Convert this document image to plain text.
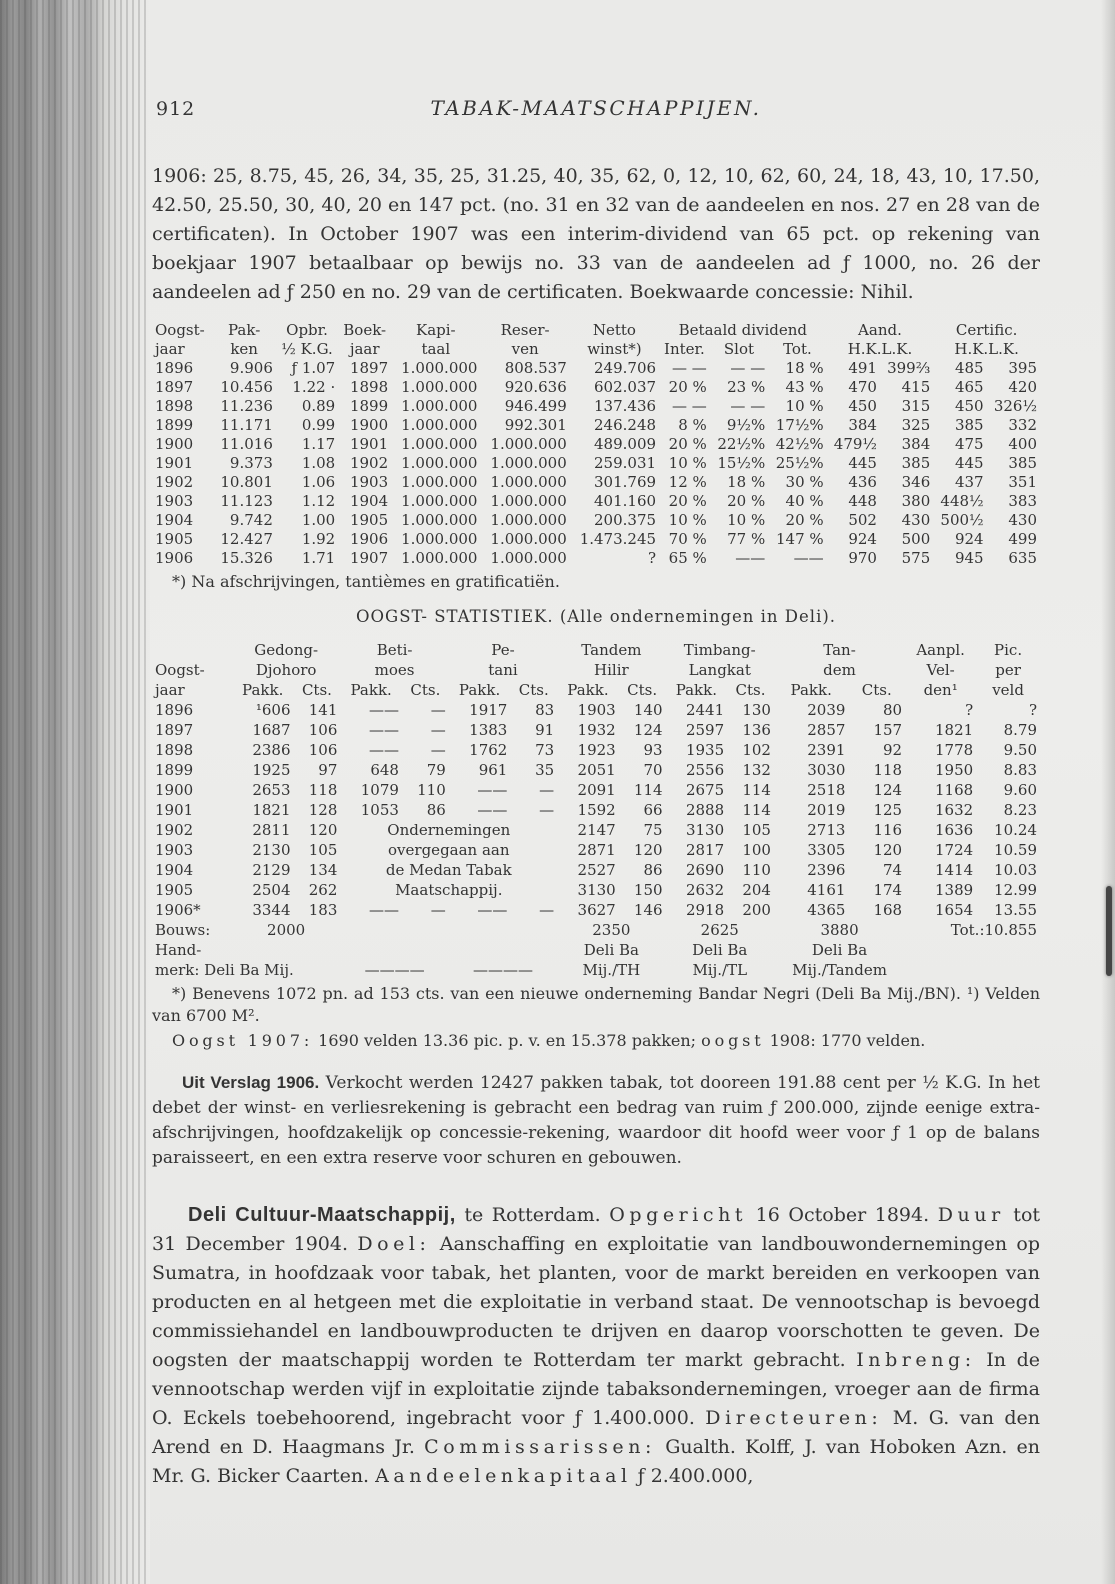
912	TABAK-MAATSCHAPPIJEN.

1906: 25, 8.75, 45, 26, 34, 35, 25, 31.25, 40, 35, 62, 0, 12, 10, 62, 60, 24, 18, 43, 10, 17.50, 42.50, 25.50, 30, 40, 20 en 147 pct. (no. 31 en 32 van de aandeelen en nos. 27 en 28 van de certificaten). In October 1907 was een interim-dividend van 65 pct. op rekening van boekjaar 1907 betaalbaar op bewijs no. 33 van de aandeelen ad ƒ 1000, no. 26 der aandeelen ad ƒ 250 en no. 29 van de certificaten. Boekwaarde concessie: Nihil.

Oogst-	Pak-	Opbr.	Boek-	Kapi-	Reser-	Netto	Betaald dividend			Aand.		Certific.	
jaar	ken	½ K.G.	jaar	taal	ven	winst*)	Inter.	Slot	Tot.	H.K.L.K.		H.K.L.K.	
1896	9.906	ƒ 1.07	1897	1.000.000	808.537	249.706	— —	— —	18 %	491	399⅔	485	395
1897	10.456	1.22 ·	1898	1.000.000	920.636	602.037	20 %	23 %	43 %	470	415	465	420
1898	11.236	0.89	1899	1.000.000	946.499	137.436	— —	— —	10 %	450	315	450	326½
1899	11.171	0.99	1900	1.000.000	992.301	246.248	8 %	9½%	17½%	384	325	385	332
1900	11.016	1.17	1901	1.000.000	1.000.000	489.009	20 %	22½%	42½%	479½	384	475	400
1901	9.373	1.08	1902	1.000.000	1.000.000	259.031	10 %	15½%	25½%	445	385	445	385
1902	10.801	1.06	1903	1.000.000	1.000.000	301.769	12 %	18 %	30 %	436	346	437	351
1903	11.123	1.12	1904	1.000.000	1.000.000	401.160	20 %	20 %	40 %	448	380	448½	383
1904	9.742	1.00	1905	1.000.000	1.000.000	200.375	10 %	10 %	20 %	502	430	500½	430
1905	12.427	1.92	1906	1.000.000	1.000.000	1.473.245	70 %	77 %	147 %	924	500	924	499
1906	15.326	1.71	1907	1.000.000	1.000.000	?	65 %	——	——	970	575	945	635

*) Na afschrijvingen, tantièmes en gratificatiën.

OOGST- STATISTIEK. (Alle ondernemingen in Deli).

	Gedong-		Beti-		Pe-		Tandem		Timbang-		Tan-		Aanpl.	Pic.
Oogst-	Djohoro		moes		tani		Hilir		Langkat		dem		Vel-	per
jaar	Pakk.	Cts.	Pakk.	Cts.	Pakk.	Cts.	Pakk.	Cts.	Pakk.	Cts.	Pakk.	Cts.	den¹	veld
1896	¹606	141	——	—	1917	83	1903	140	2441	130	2039	80	?	?
1897	1687	106	——	—	1383	91	1932	124	2597	136	2857	157	1821	8.79
1898	2386	106	——	—	1762	73	1923	93	1935	102	2391	92	1778	9.50
1899	1925	97	648	79	961	35	2051	70	2556	132	3030	118	1950	8.83
1900	2653	118	1079	110	——	—	2091	114	2675	114	2518	124	1168	9.60
1901	1821	128	1053	86	——	—	1592	66	2888	114	2019	125	1632	8.23
1902	2811	120	Ondernemingen				2147	75	3130	105	2713	116	1636	10.24
1903	2130	105	overgegaan aan				2871	120	2817	100	3305	120	1724	10.59
1904	2129	134	de Medan Tabak				2527	86	2690	110	2396	74	1414	10.03
1905	2504	262	Maatschappij.				3130	150	2632	204	4161	174	1389	12.99
1906*	3344	183	——	—	——	—	3627	146	2918	200	4365	168	1654	13.55
Bouws:	2000						2350		2625		3880		Tot.:10.855	
Hand-							Deli Ba		Deli Ba		Deli Ba			
merk: Deli Ba Mij.			————		————		Mij./TH		Mij./TL		Mij./Tandem			

*) Benevens 1072 pn. ad 153 cts. van een nieuwe onderneming Bandar Negri (Deli Ba Mij./BN). ¹) Velden van 6700 M².

Oogst 1907: 1690 velden 13.36 pic. p. v. en 15.378 pakken; oogst 1908: 1770 velden.

Uit Verslag 1906. Verkocht werden 12427 pakken tabak, tot dooreen 191.88 cent per ½ K.G. In het debet der winst- en verliesrekening is gebracht een bedrag van ruim ƒ 200.000, zijnde eenige extra-afschrijvingen, hoofdzakelijk op concessie-rekening, waardoor dit hoofd weer voor ƒ 1 op de balans paraisseert, en een extra reserve voor schuren en gebouwen.

Deli Cultuur-Maatschappij, te Rotterdam. Opgericht 16 October 1894. Duur tot 31 December 1904. Doel: Aanschaffing en exploitatie van landbouwondernemingen op Sumatra, in hoofdzaak voor tabak, het planten, voor de markt bereiden en verkoopen van producten en al hetgeen met die exploitatie in verband staat. De vennootschap is bevoegd commissiehandel en landbouwproducten te drijven en daarop voorschotten te geven. De oogsten der maatschappij worden te Rotterdam ter markt gebracht. Inbreng: In de vennootschap werden vijf in exploitatie zijnde tabaksondernemingen, vroeger aan de firma O. Eckels toebehoorend, ingebracht voor ƒ 1.400.000. Directeuren: M. G. van den Arend en D. Haagmans Jr. Commissarissen: Gualth. Kolff, J. van Hoboken Azn. en Mr. G. Bicker Caarten. Aandeelenkapitaal ƒ 2.400.000,
